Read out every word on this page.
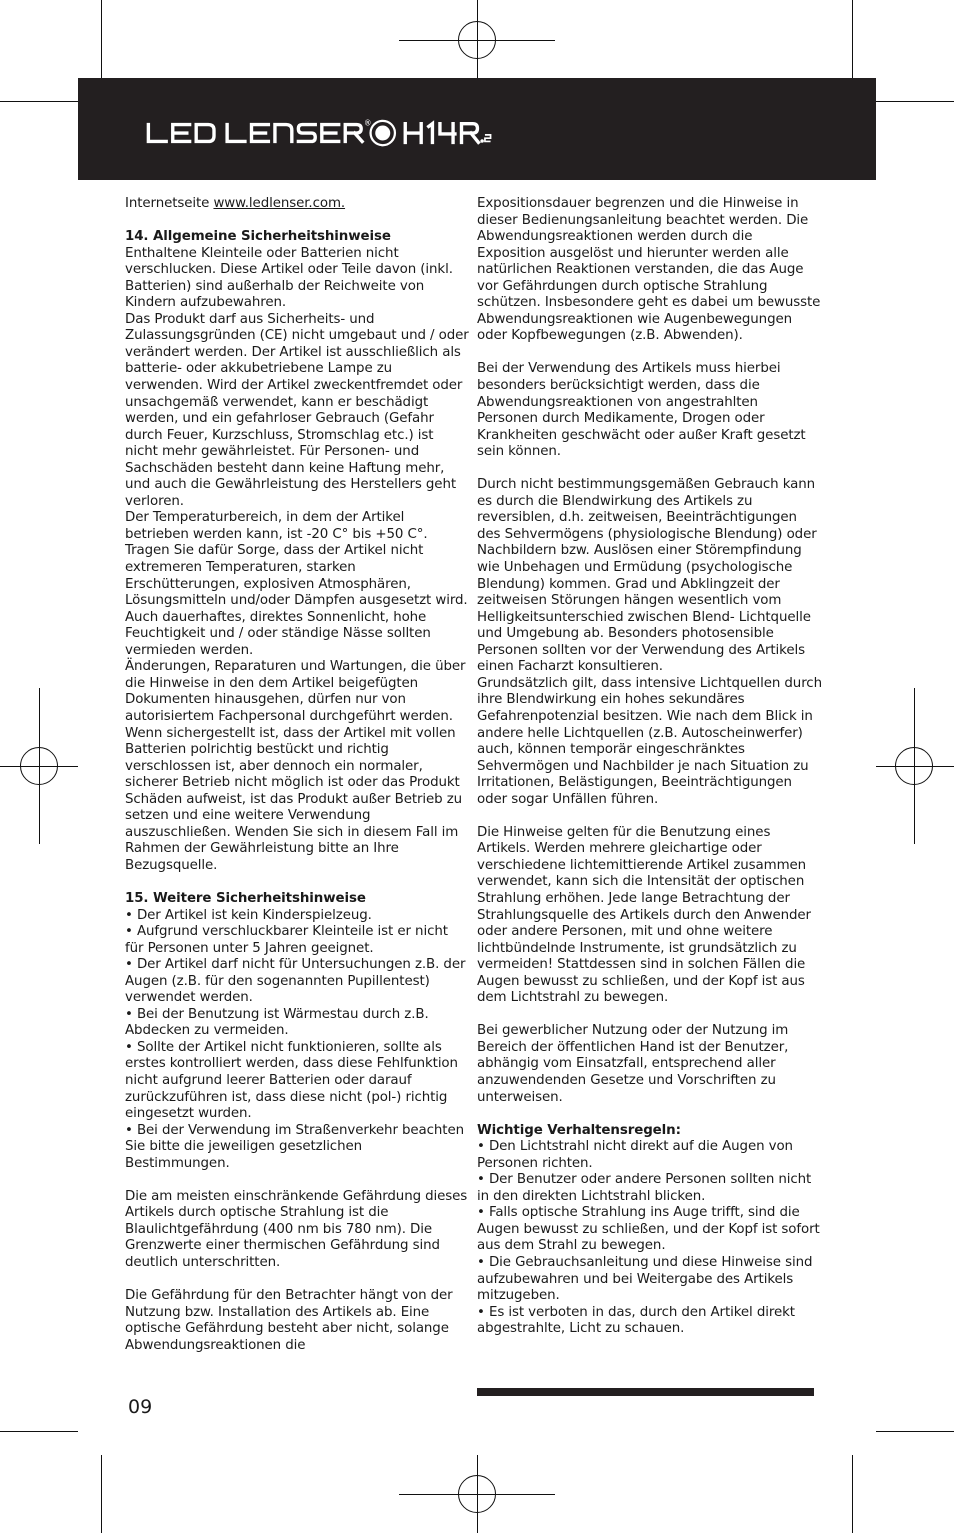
®

Internetseite www.ledlenser.com.

14. Allgemeine Sicherheitshinweise

Enthaltene Kleinteile oder Batterien nicht verschlucken. Diese Artikel oder Teile davon (inkl. Batterien) sind außerhalb der Reichweite von Kindern aufzubewahren.

Das Produkt darf aus Sicherheits- und Zulassungsgründen (CE) nicht umgebaut und / oder verändert werden. Der Artikel ist ausschließlich als batterie- oder akkubetriebene Lampe zu verwenden. Wird der Artikel zweckentfremdet oder unsachgemäß verwendet, kann er beschädigt werden, und ein gefahrloser Gebrauch (Gefahr durch Feuer, Kurzschluss, Stromschlag etc.) ist nicht mehr gewährleistet. Für Personen- und Sachschäden besteht dann keine Haftung mehr, und auch die Gewährleistung des Herstellers geht verloren.

Der Temperaturbereich, in dem der Artikel betrieben werden kann, ist -20 C° bis +50 C°. Tragen Sie dafür Sorge, dass der Artikel nicht extremeren Temperaturen, starken Erschütterungen, explosiven Atmosphären, Lösungsmitteln und/oder Dämpfen ausgesetzt wird.

Auch dauerhaftes, direktes Sonnenlicht, hohe Feuchtigkeit und / oder ständige Nässe sollten vermieden werden.

Änderungen, Reparaturen und Wartungen, die über die Hinweise in den dem Artikel beigefügten Dokumenten hinausgehen, dürfen nur von autorisiertem Fachpersonal durchgeführt werden.

Wenn sichergestellt ist, dass der Artikel mit vollen Batterien polrichtig bestückt und richtig verschlossen ist, aber dennoch ein normaler, sicherer Betrieb nicht möglich ist oder das Produkt Schäden aufweist, ist das Produkt außer Betrieb zu setzen und eine weitere Verwendung auszuschließen. Wenden Sie sich in diesem Fall im Rahmen der Gewährleistung bitte an Ihre Bezugsquelle.

15. Weitere Sicherheitshinweise

• Der Artikel ist kein Kinderspielzeug.

• Aufgrund verschluckbarer Kleinteile ist er nicht für Personen unter 5 Jahren geeignet.

• Der Artikel darf nicht für Untersuchungen z.B. der Augen (z.B. für den sogenannten Pupillentest) verwendet werden.

• Bei der Benutzung ist Wärmestau durch z.B. Abdecken zu vermeiden.

• Sollte der Artikel nicht funktionieren, sollte als erstes kontrolliert werden, dass diese Fehlfunktion nicht aufgrund leerer Batterien oder darauf zurückzuführen ist, dass diese nicht (pol-) richtig eingesetzt wurden.

• Bei der Verwendung im Straßenverkehr beachten Sie bitte die jeweiligen gesetzlichen Bestimmungen.

Die am meisten einschränkende Gefährdung dieses Artikels durch optische Strahlung ist die Blaulichtgefährdung (400 nm bis 780 nm). Die Grenzwerte einer thermischen Gefährdung sind deutlich unterschritten.

Die Gefährdung für den Betrachter hängt von der Nutzung bzw. Installation des Artikels ab. Eine optische Gefährdung besteht aber nicht, solange Abwendungsreaktionen die

Expositionsdauer begrenzen und die Hinweise in dieser Bedienungsanleitung beachtet werden. Die Abwendungsreaktionen werden durch die Exposition ausgelöst und hierunter werden alle natürlichen Reaktionen verstanden, die das Auge vor Gefährdungen durch optische Strahlung schützen. Insbesondere geht es dabei um bewusste Abwendungsreaktionen wie Augenbewegungen oder Kopfbewegungen (z.B. Abwenden).

Bei der Verwendung des Artikels muss hierbei besonders berücksichtigt werden, dass die Abwendungsreaktionen von angestrahlten Personen durch Medikamente, Drogen oder Krankheiten geschwächt oder außer Kraft gesetzt sein können.

Durch nicht bestimmungsgemäßen Gebrauch kann es durch die Blendwirkung des Artikels zu reversiblen, d.h. zeitweisen, Beeinträchtigungen des Sehvermögens (physiologische Blendung) oder Nachbildern bzw. Auslösen einer Störempfindung wie Unbehagen und Ermüdung (psychologische Blendung) kommen. Grad und Abklingzeit der zeitweisen Störungen hängen wesentlich vom Helligkeitsunterschied zwischen Blend- Lichtquelle und Umgebung ab. Besonders photosensible Personen sollten vor der Verwendung des Artikels einen Facharzt konsultieren.

Grundsätzlich gilt, dass intensive Lichtquellen durch ihre Blendwirkung ein hohes sekundäres Gefahrenpotenzial besitzen. Wie nach dem Blick in andere helle Lichtquellen (z.B. Autoscheinwerfer) auch, können temporär eingeschränktes Sehvermögen und Nachbilder je nach Situation zu Irritationen, Belästigungen, Beeinträchtigungen oder sogar Unfällen führen.

Die Hinweise gelten für die Benutzung eines Artikels. Werden mehrere gleichartige oder verschiedene lichtemittierende Artikel zusammen verwendet, kann sich die Intensität der optischen Strahlung erhöhen. Jede lange Betrachtung der Strahlungsquelle des Artikels durch den Anwender oder andere Personen, mit und ohne weitere lichtbündelnde Instrumente, ist grundsätzlich zu vermeiden! Stattdessen sind in solchen Fällen die Augen bewusst zu schließen, und der Kopf ist aus dem Lichtstrahl zu bewegen.

Bei gewerblicher Nutzung oder der Nutzung im Bereich der öffentlichen Hand ist der Benutzer, abhängig vom Einsatzfall, entsprechend aller anzuwendenden Gesetze und Vorschriften zu unterweisen.

Wichtige Verhaltensregeln:

• Den Lichtstrahl nicht direkt auf die Augen von Personen richten.

• Der Benutzer oder andere Personen sollten nicht in den direkten Lichtstrahl blicken.

• Falls optische Strahlung ins Auge trifft, sind die Augen bewusst zu schließen, und der Kopf ist sofort aus dem Strahl zu bewegen.

• Die Gebrauchsanleitung und diese Hinweise sind aufzubewahren und bei Weitergabe des Artikels mitzugeben.

• Es ist verboten in das, durch den Artikel direkt abgestrahlte, Licht zu schauen.

09
